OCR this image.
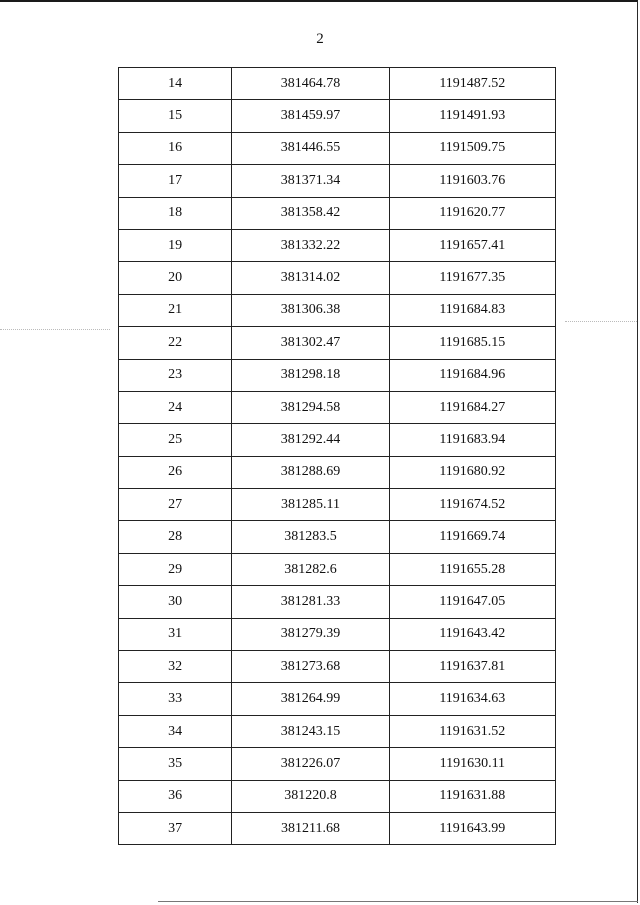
2
14	381464.78	1191487.52
15	381459.97	1191491.93
16	381446.55	1191509.75
17	381371.34	1191603.76
18	381358.42	1191620.77
19	381332.22	1191657.41
20	381314.02	1191677.35
21	381306.38	1191684.83
22	381302.47	1191685.15
23	381298.18	1191684.96
24	381294.58	1191684.27
25	381292.44	1191683.94
26	381288.69	1191680.92
27	381285.11	1191674.52
28	381283.5	1191669.74
29	381282.6	1191655.28
30	381281.33	1191647.05
31	381279.39	1191643.42
32	381273.68	1191637.81
33	381264.99	1191634.63
34	381243.15	1191631.52
35	381226.07	1191630.11
36	381220.8	1191631.88
37	381211.68	1191643.99
